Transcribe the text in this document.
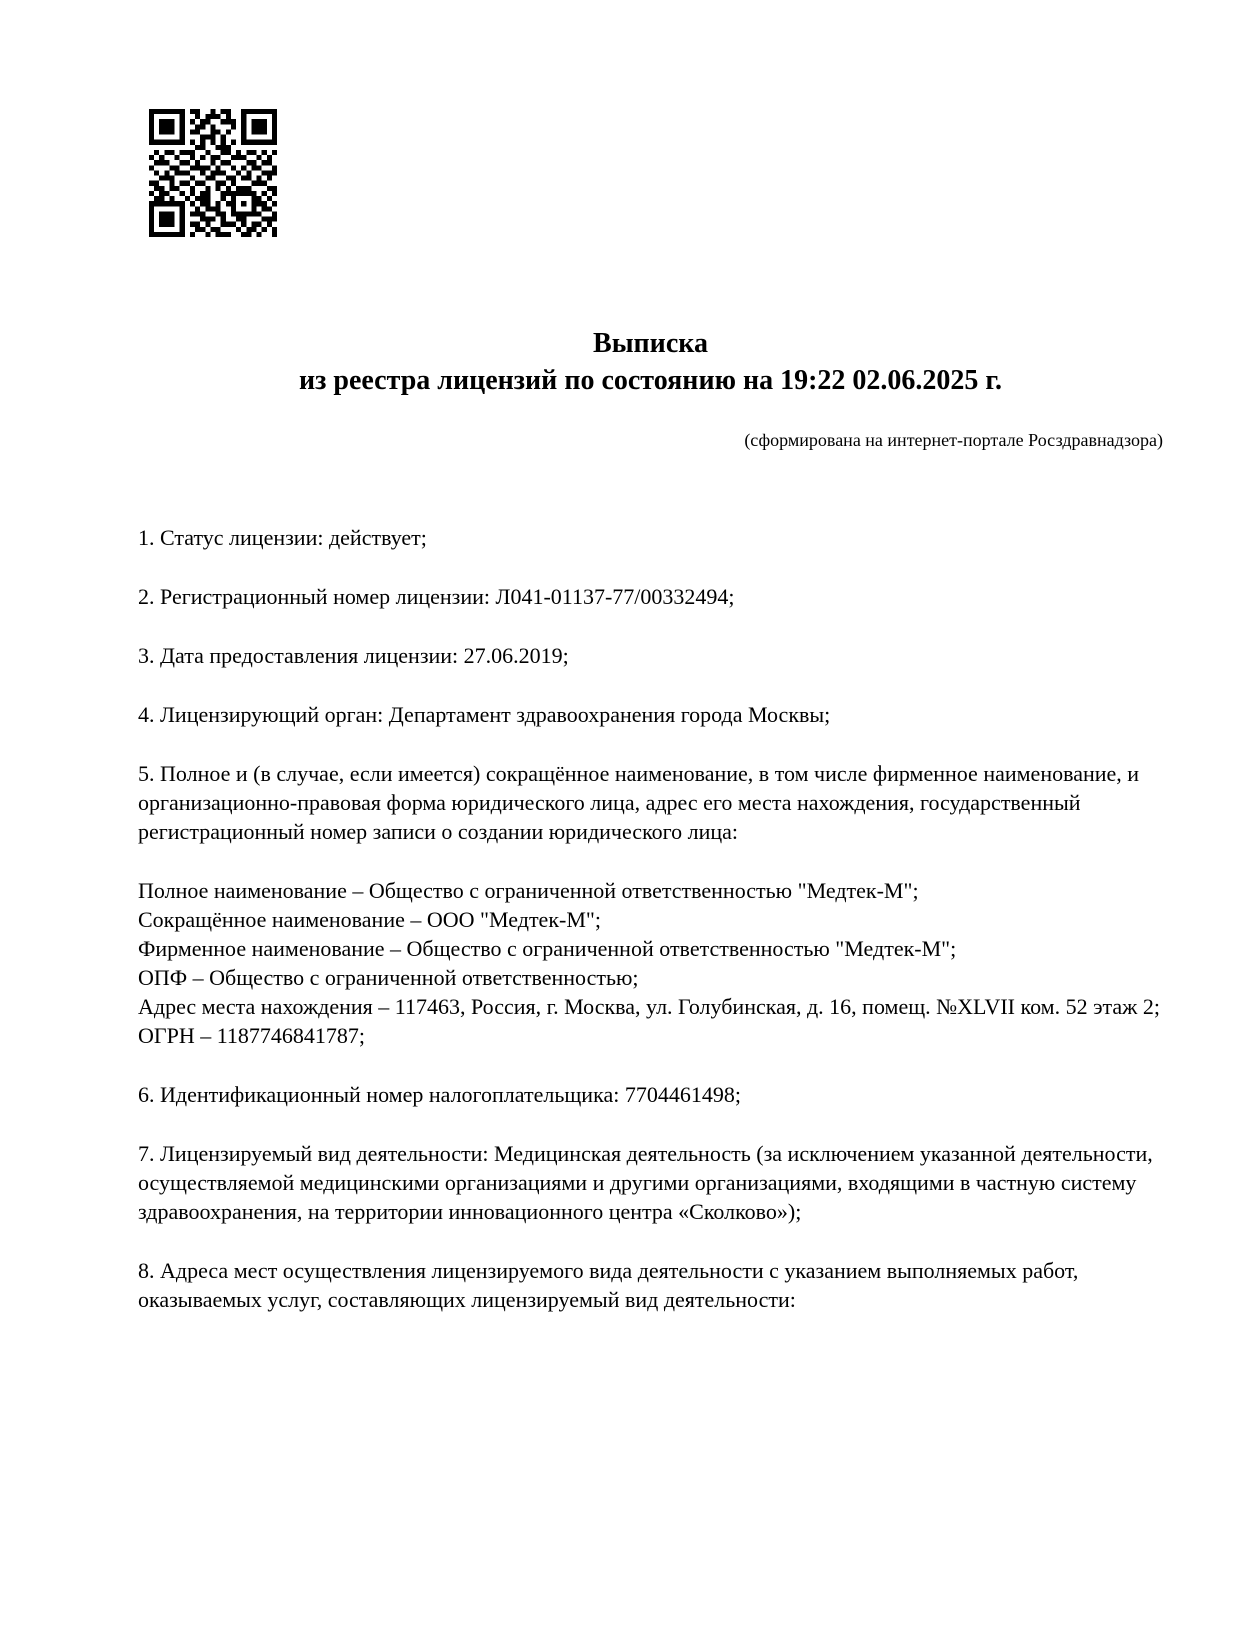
Выписка
из реестра лицензий по состоянию на 19:22 02.06.2025 г.
(сформирована на интернет-портале Росздравнадзора)

1. Статус лицензии: действует;

2. Регистрационный номер лицензии: Л041-01137-77/00332494;

3. Дата предоставления лицензии: 27.06.2019;

4. Лицензирующий орган: Департамент здравоохранения города Москвы;

5. Полное и (в случае, если имеется) сокращённое наименование, в том числе фирменное наименование, и организационно-правовая форма юридического лица, адрес его места нахождения, государственный регистрационный номер записи о создании юридического лица:

Полное наименование – Общество с ограниченной ответственностью "Медтек-М";
Сокращённое наименование – ООО "Медтек-М";
Фирменное наименование – Общество с ограниченной ответственностью "Медтек-М";
ОПФ – Общество с ограниченной ответственностью;
Адрес места нахождения – 117463, Россия, г. Москва, ул. Голубинская, д. 16, помещ. №XLVII ком. 52 этаж 2;
ОГРН – 1187746841787;

6. Идентификационный номер налогоплательщика: 7704461498;

7. Лицензируемый вид деятельности: Медицинская деятельность (за исключением указанной деятельности, осуществляемой медицинскими организациями и другими организациями, входящими в частную систему здравоохранения, на территории инновационного центра «Сколково»);

8. Адреса мест осуществления лицензируемого вида деятельности с указанием выполняемых работ, оказываемых услуг, составляющих лицензируемый вид деятельности:
